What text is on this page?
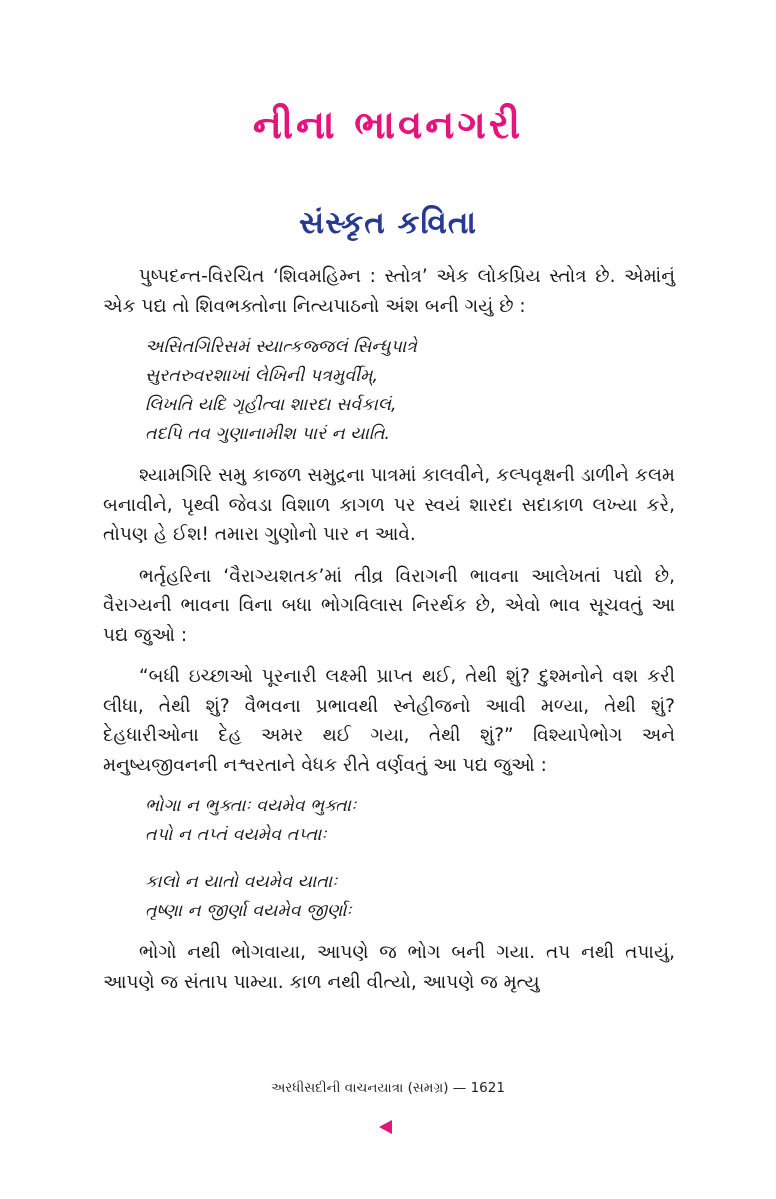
નીના ભાવનગરી
સંસ્કૃત કવિતા

પુષ્પદન્ત-વિરચિત ‘શિવમહિમ્ન : સ્તોત્ર’ એક લોકપ્રિય સ્તોત્ર છે. એમાંનું એક પદ્ય તો શિવભક્તોના નિત્યપાઠનો અંશ બની ગયું છે :

અસિતગિરિસમં સ્યાત્કજ્જલં સિન્ધુપાત્રે
સુરતરુવરશાખાં લેખિની પત્રમુર્વીમ્,
લિખતિ યદિ ગૃહીત્વા શારદા સર્વકાલં,
તદપિ તવ ગુણાનામીશ પારં ન યાતિ.

શ્યામગિરિ સમુ કાજળ સમુદ્રના પાત્રમાં કાલવીને, કલ્પવૃક્ષની ડાળીને કલમ બનાવીને, પૃથ્વી જેવડા વિશાળ કાગળ પર સ્વયં શારદા સદાકાળ લખ્યા કરે, તોપણ હે ઈશ! તમારા ગુણોનો પાર ન આવે.

ભર્તૃહરિના ‘વૈરાગ્યશતક’માં તીવ્ર વિરાગની ભાવના આલેખતાં પદ્યો છે, વૈરાગ્યની ભાવના વિના બધા ભોગવિલાસ નિરર્થક છે, એવો ભાવ સૂચવતું આ પદ્ય જુઓ :

“બધી ઇચ્છાઓ પૂરનારી લક્ષ્મી પ્રાપ્ત થઈ, તેથી શું? દુશ્મનોને વશ કરી લીધા, તેથી શું? વૈભવના પ્રભાવથી સ્નેહીજનો આવી મળ્યા, તેથી શું? દેહધારીઓના દેહ અમર થઈ ગયા, તેથી શું?” વિશ્યાપેભોગ અને મનુષ્યજીવનની નશ્વરતાને વેધક રીતે વર્ણવતું આ પદ્ય જુઓ :

ભોગા ન ભુક્તાઃ વયમેવ ભુક્તાઃ
તપો ન તપ્તં વયમેવ તપ્તાઃ
કાલો ન યાતો વયમેવ યાતાઃ
તૃષ્ણા ન જીર્ણા વયમેવ જીર્ણાઃ

ભોગો નથી ભોગવાયા, આપણે જ ભોગ બની ગયા. તપ નથી તપાયું, આપણે જ સંતાપ પામ્યા. કાળ નથી વીત્યો, આપણે જ મૃત્યુ

અરધીસદીની વાચનયાત્રા (સમગ્ર) — 1621
